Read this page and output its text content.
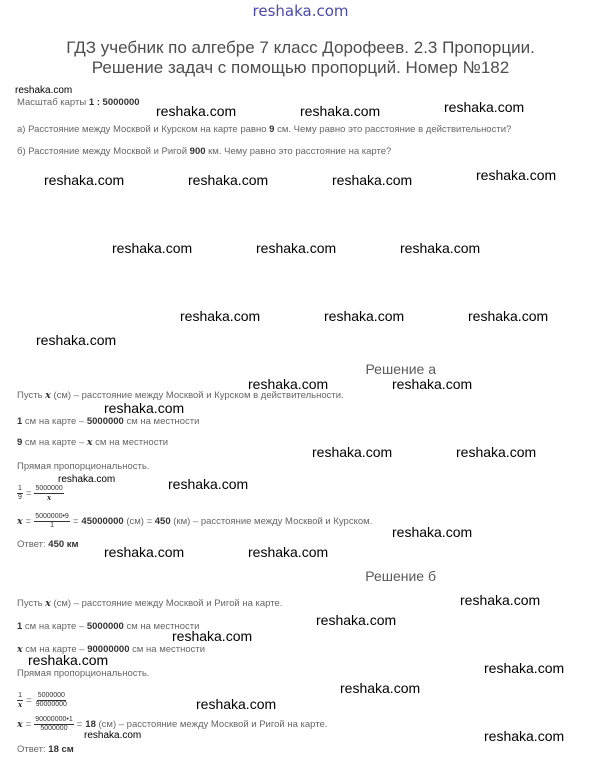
reshaka.com
ГДЗ учебник по алгебре 7 класс Дорофеев. 2.3 Пропорции.
Решение задач с помощью пропорций. Номер №182
Масштаб карты 1 : 5000000
а) Расстояние между Москвой и Курском на карте равно 9 см. Чему равно это расстояние в действительности?
б) Расстояние между Москвой и Ригой 900 км. Чему равно это расстояние на карте?
Решение а
Пусть x (см) – расстояние между Москвой и Курском в действительности.
1 см на карте – 5000000 см на местности
9 см на карте – x см на местности
Прямая пропорциональность.
$\frac{1}{9} = \frac{5000000}{x}$
$x = \frac{5000000•9}{1} = 45000000$ (см) = 450 (км) – расстояние между Москвой и Курском.
Ответ: 450 км
Решение б
Пусть x (см) – расстояние между Москвой и Ригой на карте.
1 см на карте – 5000000 см на местности
x см на карте – 90000000 см на местности
Прямая пропорциональность.
$\frac{1}{x} = \frac{5000000}{90000000}$
$x = \frac{90000000•1}{5000000} = 18$ (см) – расстояние между Москвой и Ригой на карте.
Ответ: 18 см
reshaka.com
reshaka.com	reshaka.com	reshaka.com
reshaka.com	reshaka.com	reshaka.com	reshaka.com
reshaka.com	reshaka.com	reshaka.com
reshaka.com	reshaka.com	reshaka.com
reshaka.com
reshaka.com	reshaka.com
reshaka.com
reshaka.com	reshaka.com
reshaka.com	reshaka.com
reshaka.com
reshaka.com	reshaka.com
reshaka.com
reshaka.com
reshaka.com
reshaka.com	reshaka.com
reshaka.com
reshaka.com
reshaka.com	reshaka.com
